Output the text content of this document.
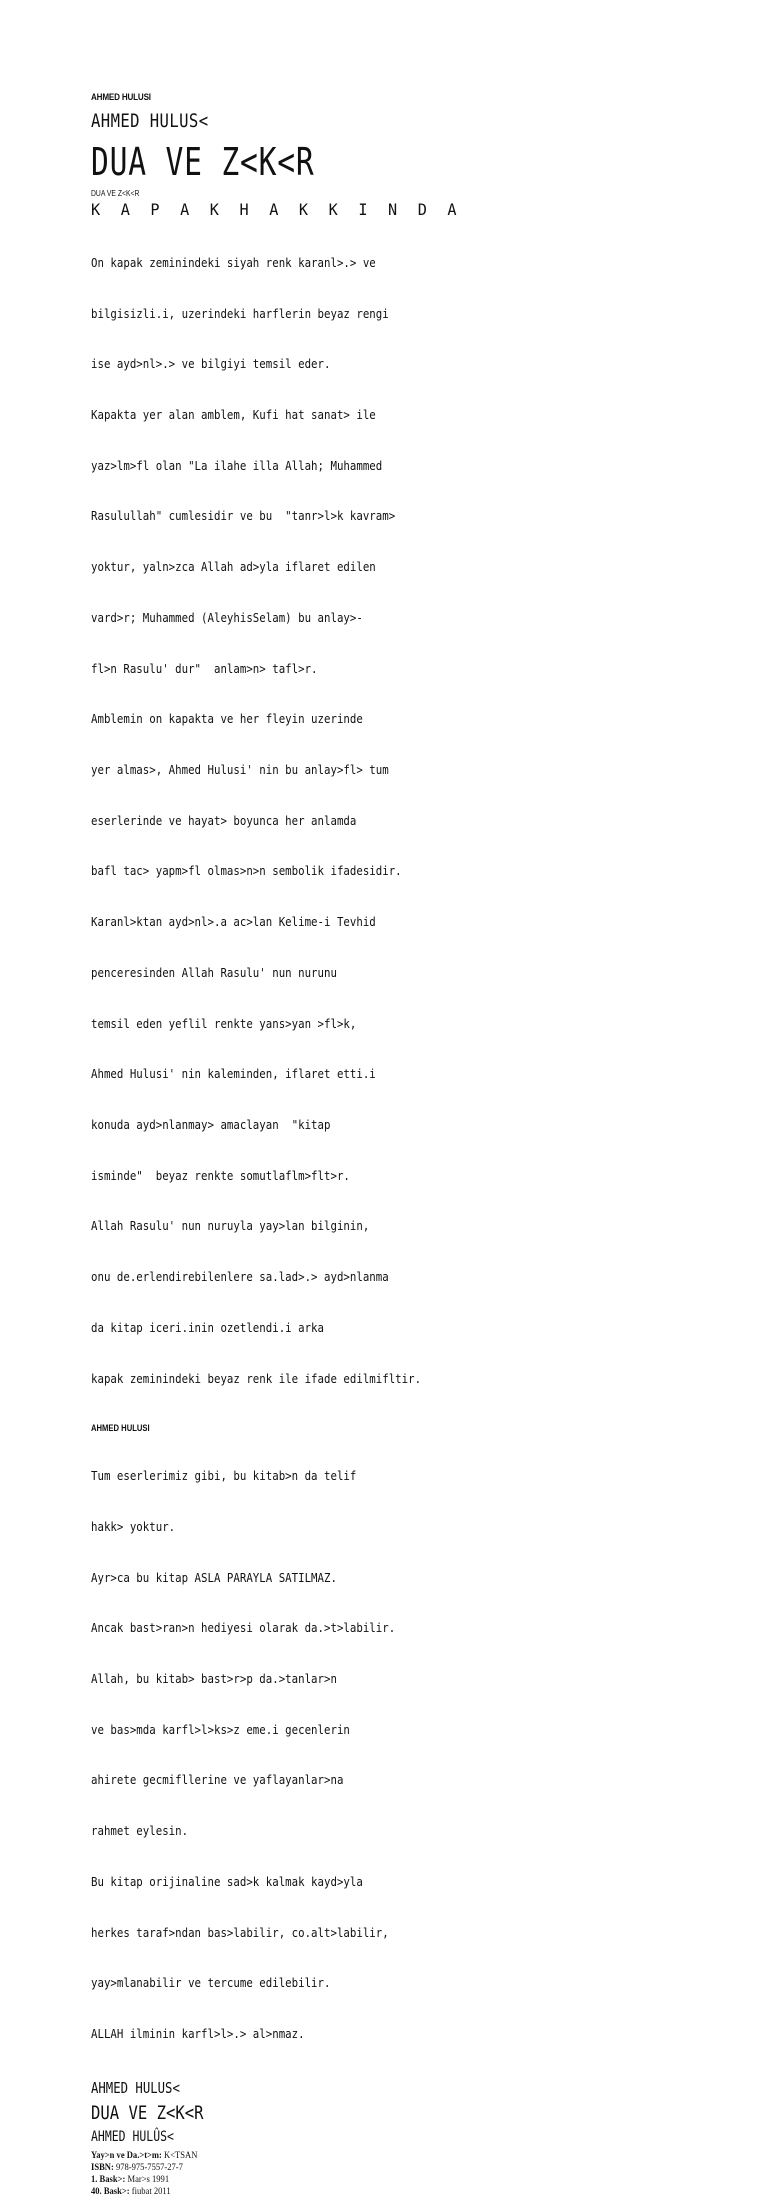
AHMED HULUSI
AHMED HULUS<
DUA VE Z<K<R
DUA VE Z<K<R
K A P A K H A K K I N D A

On kapak zeminindeki siyah renk karanl>.> ve

bilgisizli.i, uzerindeki harflerin beyaz rengi

ise ayd>nl>.> ve bilgiyi temsil eder.

Kapakta yer alan amblem, Kufi hat sanat> ile

yaz>lm>fl olan "La ilahe illa Allah; Muhammed

Rasulullah" cumlesidir ve bu  "tanr>l>k kavram>

yoktur, yaln>zca Allah ad>yla iflaret edilen

vard>r; Muhammed (AleyhisSelam) bu anlay>-

fl>n Rasulu' dur"  anlam>n> tafl>r.

Amblemin on kapakta ve her fleyin uzerinde

yer almas>, Ahmed Hulusi' nin bu anlay>fl> tum

eserlerinde ve hayat> boyunca her anlamda

bafl tac> yapm>fl olmas>n>n sembolik ifadesidir.

Karanl>ktan ayd>nl>.a ac>lan Kelime-i Tevhid

penceresinden Allah Rasulu' nun nurunu

temsil eden yeflil renkte yans>yan >fl>k,

Ahmed Hulusi' nin kaleminden, iflaret etti.i

konuda ayd>nlanmay> amaclayan  "kitap

isminde"  beyaz renkte somutlaflm>flt>r.

Allah Rasulu' nun nuruyla yay>lan bilginin,

onu de.erlendirebilenlere sa.lad>.> ayd>nlanma

da kitap iceri.inin ozetlendi.i arka

kapak zeminindeki beyaz renk ile ifade edilmifltir.

AHMED HULUSI

Tum eserlerimiz gibi, bu kitab>n da telif

hakk> yoktur.

Ayr>ca bu kitap ASLA PARAYLA SATILMAZ.

Ancak bast>ran>n hediyesi olarak da.>t>labilir.

Allah, bu kitab> bast>r>p da.>tanlar>n

ve bas>mda karfl>l>ks>z eme.i gecenlerin

ahirete gecmifllerine ve yaflayanlar>na

rahmet eylesin.

Bu kitap orijinaline sad>k kalmak kayd>yla

herkes taraf>ndan bas>labilir, co.alt>labilir,

yay>mlanabilir ve tercume edilebilir.

ALLAH ilminin karfl>l>.> al>nmaz.

AHMED HULUS<
DUA VE Z<K<R
AHMED HULÛS<
Yay>n ve Da.>t>m: K<TSAN
ISBN: 978-975-7557-27-7
1. Bask>: Mar>s 1991
40. Bask>: fiubat 2011
